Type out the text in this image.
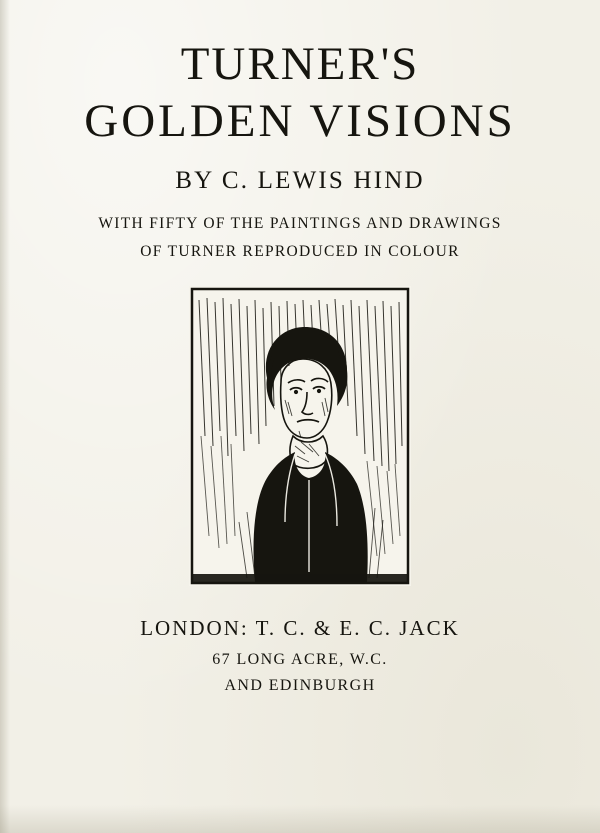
TURNER'S
GOLDEN VISIONS
BY C. LEWIS HIND
WITH FIFTY OF THE PAINTINGS AND DRAWINGS
OF TURNER REPRODUCED IN COLOUR
LONDON: T. C. & E. C. JACK
67 LONG ACRE, W.C.
AND EDINBURGH
